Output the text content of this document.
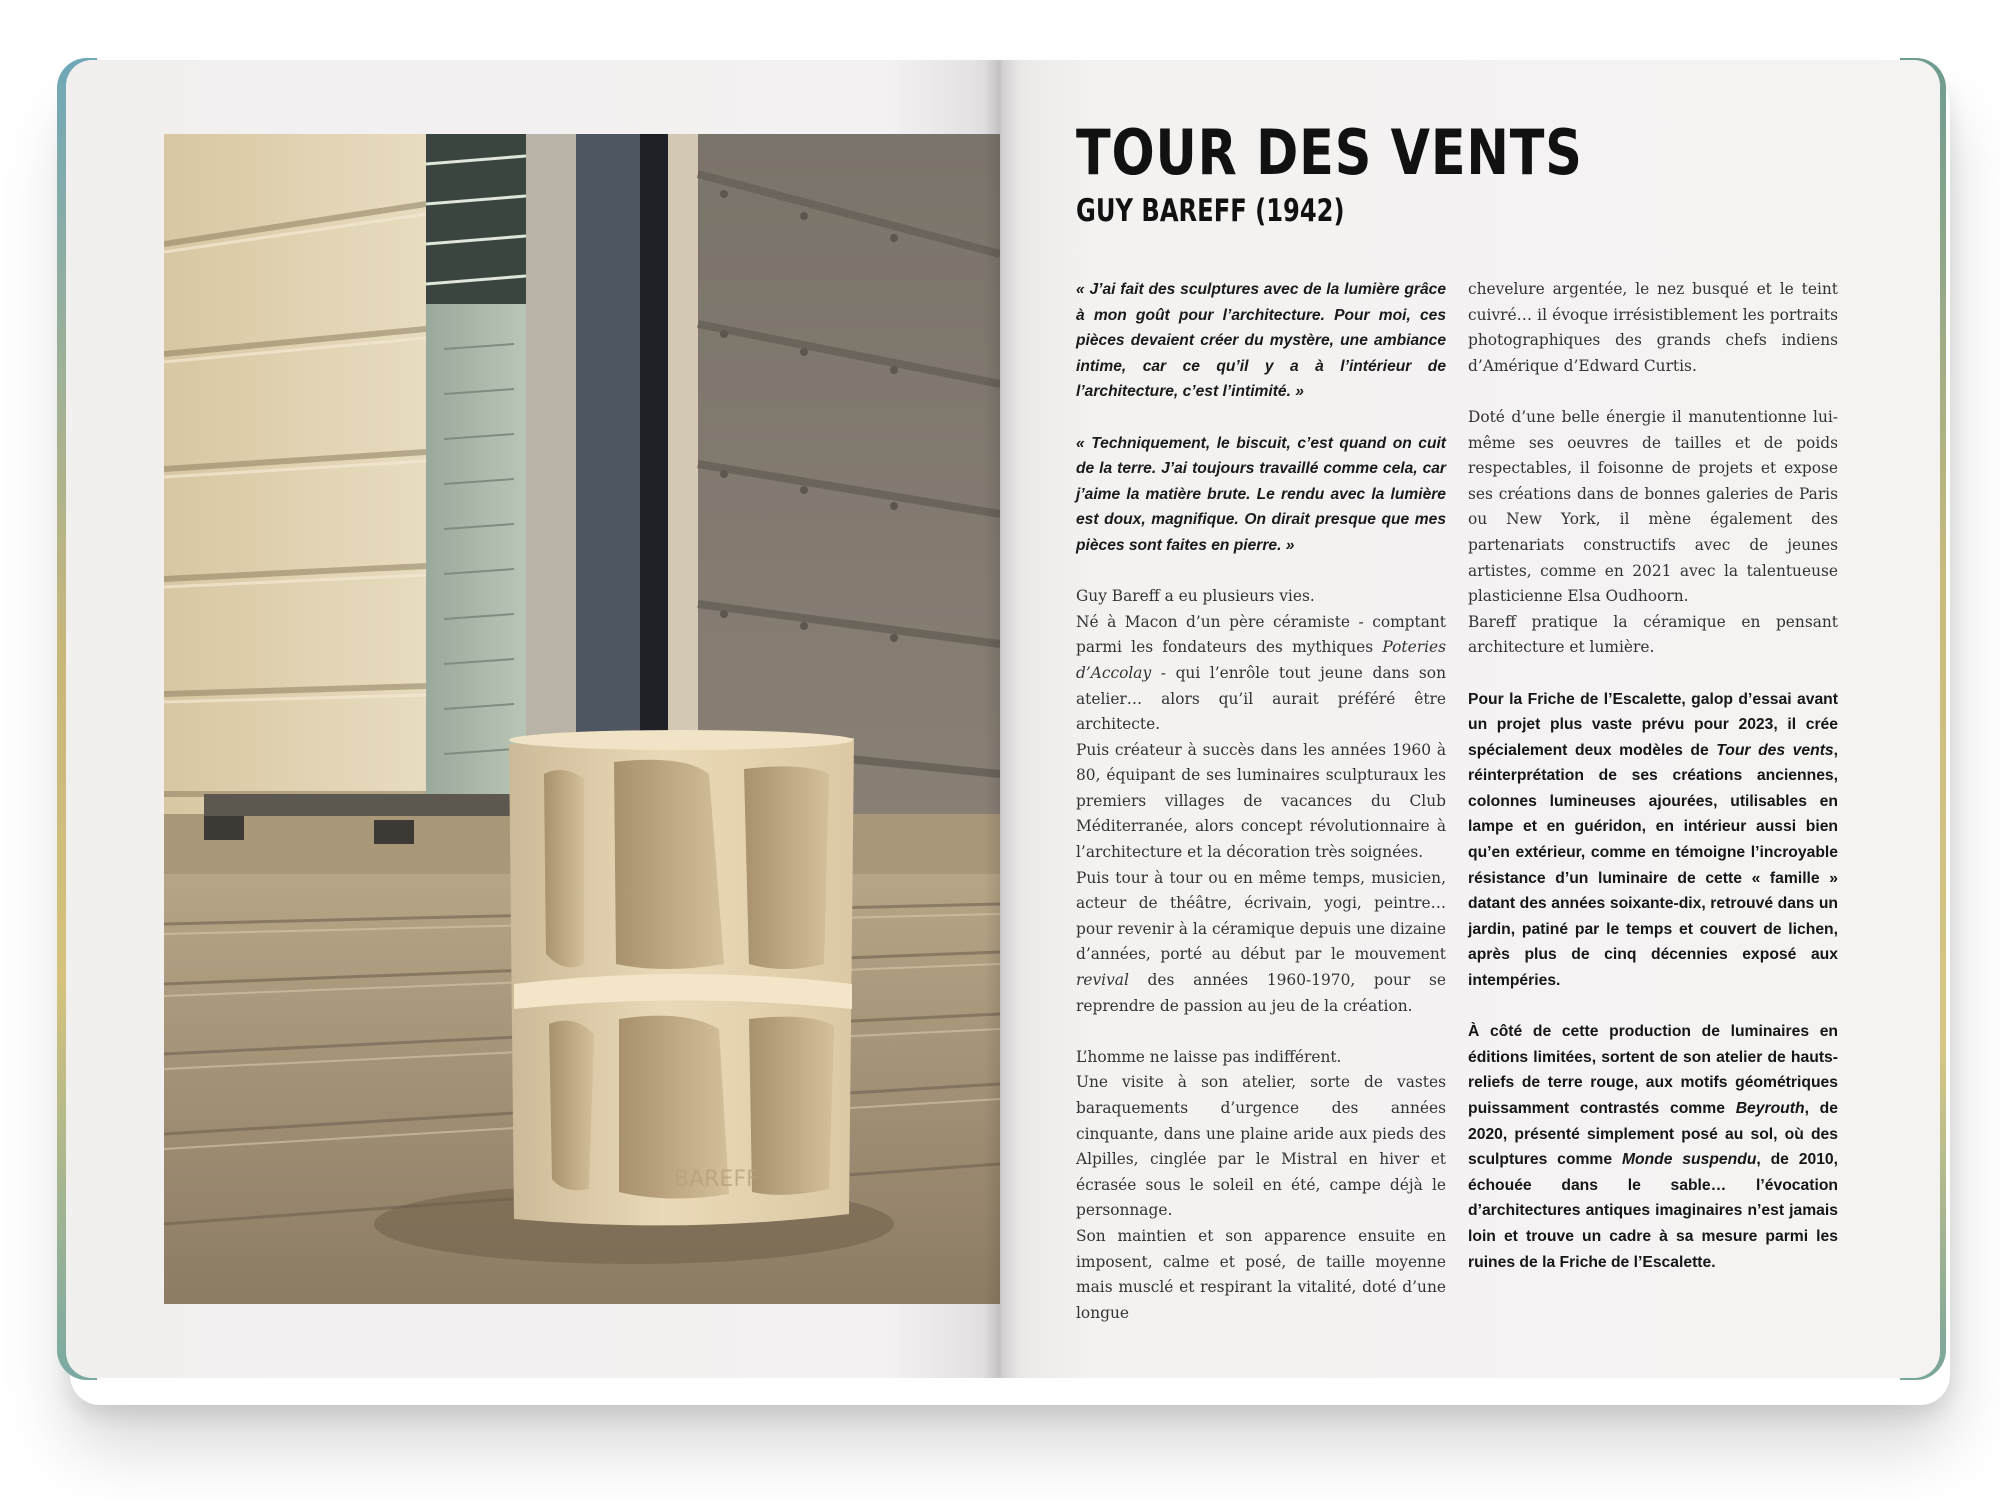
BAREFF
TOUR DES VENTS
GUY BAREFF (1942)

« J’ai fait des sculptures avec de la lumière grâce à mon goût pour l’architecture. Pour moi, ces pièces devaient créer du mystère, une ambiance intime, car ce qu’il y a à l’intérieur de l’architecture, c’est l’intimité. »

« Techniquement, le biscuit, c’est quand on cuit de la terre. J’ai toujours travaillé comme cela, car j’aime la matière brute. Le rendu avec la lumière est doux, magnifique. On dirait presque que mes pièces sont faites en pierre. »

Guy Bareff a eu plusieurs vies.

Né à Macon d’un père céramiste - comptant parmi les fondateurs des mythiques Poteries d’Accolay - qui l’enrôle tout jeune dans son atelier… alors qu’il aurait préféré être architecte.

Puis créateur à succès dans les années 1960 à 80, équipant de ses luminaires sculpturaux les premiers villages de vacances du Club Méditerranée, alors concept révolutionnaire à l’architecture et la décoration très soignées.

Puis tour à tour ou en même temps, musicien, acteur de théâtre, écrivain, yogi, peintre… pour revenir à la céramique depuis une dizaine d’années, porté au début par le mouvement revival des années 1960-1970, pour se reprendre de passion au jeu de la création.

L’homme ne laisse pas indifférent.

Une visite à son atelier, sorte de vastes baraquements d’urgence des années cinquante, dans une plaine aride aux pieds des Alpilles, cinglée par le Mistral en hiver et écrasée sous le soleil en été, campe déjà le personnage.

Son maintien et son apparence ensuite en imposent, calme et posé, de taille moyenne mais musclé et respirant la vitalité, doté d’une longue

chevelure argentée, le nez busqué et le teint cuivré… il évoque irrésistiblement les portraits photographiques des grands chefs indiens d’Amérique d’Edward Curtis.

Doté d’une belle énergie il manutentionne lui-même ses oeuvres de tailles et de poids respectables, il foisonne de projets et expose ses créations dans de bonnes galeries de Paris ou New York, il mène également des partenariats constructifs avec de jeunes artistes, comme en 2021 avec la talentueuse plasticienne Elsa Oudhoorn.

Bareff pratique la céramique en pensant architecture et lumière.

Pour la Friche de l’Escalette, galop d’essai avant un projet plus vaste prévu pour 2023, il crée spécialement deux modèles de Tour des vents, réinterprétation de ses créations anciennes, colonnes lumineuses ajourées, utilisables en lampe et en guéridon, en intérieur aussi bien qu’en extérieur, comme en témoigne l’incroyable résistance d’un luminaire de cette « famille » datant des années soixante-dix, retrouvé dans un jardin, patiné par le temps et couvert de lichen, après plus de cinq décennies exposé aux intempéries.

À côté de cette production de luminaires en éditions limitées, sortent de son atelier de hauts-reliefs de terre rouge, aux motifs géométriques puissamment contrastés comme Beyrouth, de 2020, présenté simplement posé au sol, où des sculptures comme Monde suspendu, de 2010, échouée dans le sable… l’évocation d’architectures antiques imaginaires n’est jamais loin et trouve un cadre à sa mesure parmi les ruines de la Friche de l’Escalette.
